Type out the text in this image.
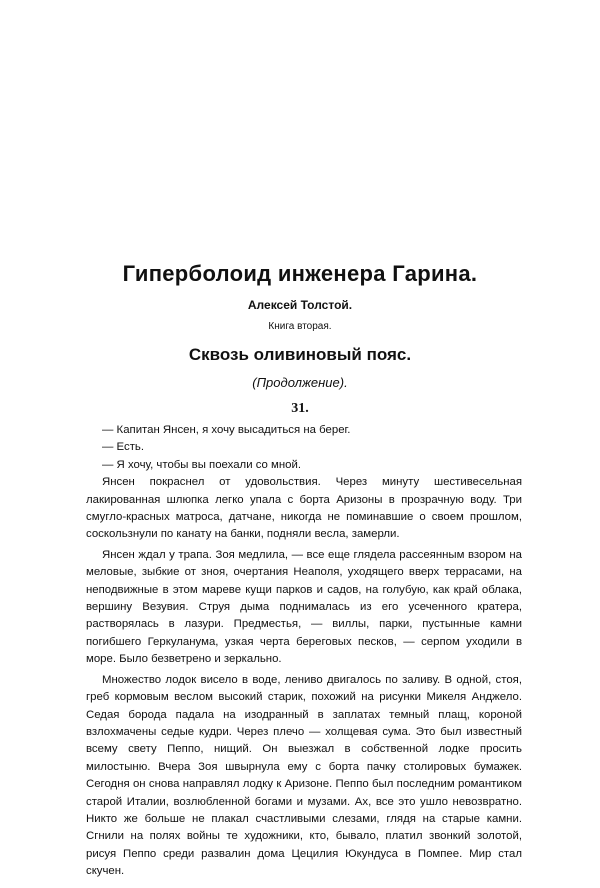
Гиперболоид инженера Гарина.
Алексей Толстой.
Книга вторая.
Сквозь оливиновый пояс.
(Продолжение).
31.

— Капитан Янсен, я хочу высадиться на берег.

— Есть.

— Я хочу, чтобы вы поехали со мной.

Янсен покраснел от удовольствия. Через минуту шестивесельная лакированная шлюпка легко упала с борта Аризоны в прозрачную воду. Три смугло-красных матроса, датчане, никогда не поминавшие о своем прошлом, соскользнули по канату на банки, подняли весла, замерли.

Янсен ждал у трапа. Зоя медлила, — все еще глядела рассеянным взором на меловые, зыбкие от зноя, очертания Неаполя, уходящего вверх террасами, на неподвижные в этом мареве кущи парков и садов, на голубую, как край облака, вершину Везувия. Струя дыма поднималась из его усеченного кратера, растворялась в лазури. Предместья, — виллы, парки, пустынные камни погибшего Геркуланума, узкая черта береговых песков, — серпом уходили в море. Было безветрено и зеркально.

Множество лодок висело в воде, лениво двигалось по заливу. В одной, стоя, греб кормовым веслом высокий старик, похожий на рисунки Микеля Анджело. Седая борода падала на изодранный в заплатах темный плащ, короной взлохмачены седые кудри. Через плечо — холщевая сума. Это был известный всему свету Пеппо, нищий. Он выезжал в собственной лодке просить милостыню. Вчера Зоя швырнула ему с борта пачку столировых бумажек. Сегодня он снова направлял лодку к Аризоне. Пеппо был последним романтиком старой Италии, возлюбленной богами и музами. Ах, все это ушло невозвратно. Никто же больше не плакал счастливыми слезами, глядя на старые камни. Сгнили на полях войны те художники, кто, бывало, платил звонкий золотой, рисуя Пеппо среди развалин дома Цецилия Юкундуса в Помпее. Мир стал скучен.
